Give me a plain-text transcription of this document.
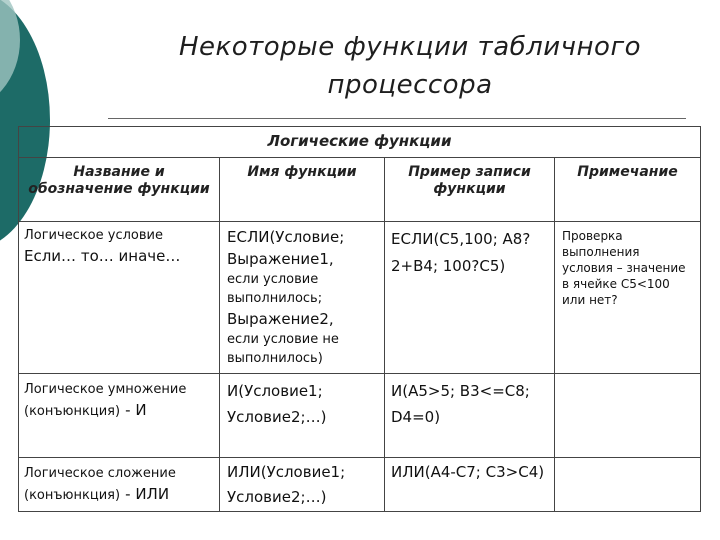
Некоторые функции табличного
процессора
Логические функции
Название и обозначение функции
Имя функции	Пример записи функции
Примечание
Логическое условие
Если… то… иначе…
ЕСЛИ(Условие;
Выражение1,
если условие выполнилось;
Выражение2,
если условие не выполнилось)
ЕСЛИ(С5,100; А8?2+В4; 100?С5)
Проверка выполнения условия – значение в ячейке С5<100 или нет?
Логическое умножение (конъюнкция) - И
И(Условие1; Условие2;…)
И(А5>5; В3<=С8; D4=0)
Логическое сложение (конъюнкция) - ИЛИ
ИЛИ(Условие1; Условие2;…)
ИЛИ(А4-С7; С3>С4)
